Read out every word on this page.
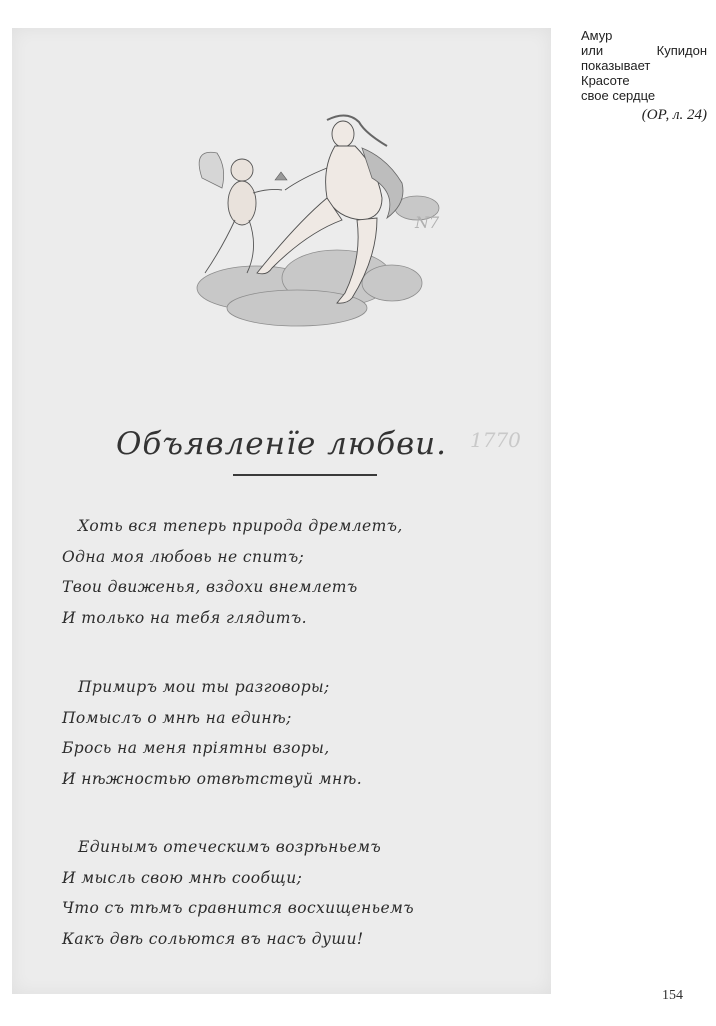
N7
Объявленїе любви.	1770
Хоть вся теперь природа дремлетъ,
Одна моя любовь не спитъ;
Твои движенья, вздохи внемлетъ
И только на тебя глядитъ.
Примиръ мои ты разговоры;
Помыслъ о мнѣ на единѣ;
Брось на меня пріятны взоры,
И нѣжностью отвѣтствуй мнѣ.
Единымъ отеческимъ возрѣньемъ
И мысль свою мнѣ сообщи;
Что съ тѣмъ сравнится восхищеньемъ
Какъ двѣ сольются въ насъ души!
Амур
или	Купидон
показывает
Красоте
свое сердце
(ОР, л. 24)
154
